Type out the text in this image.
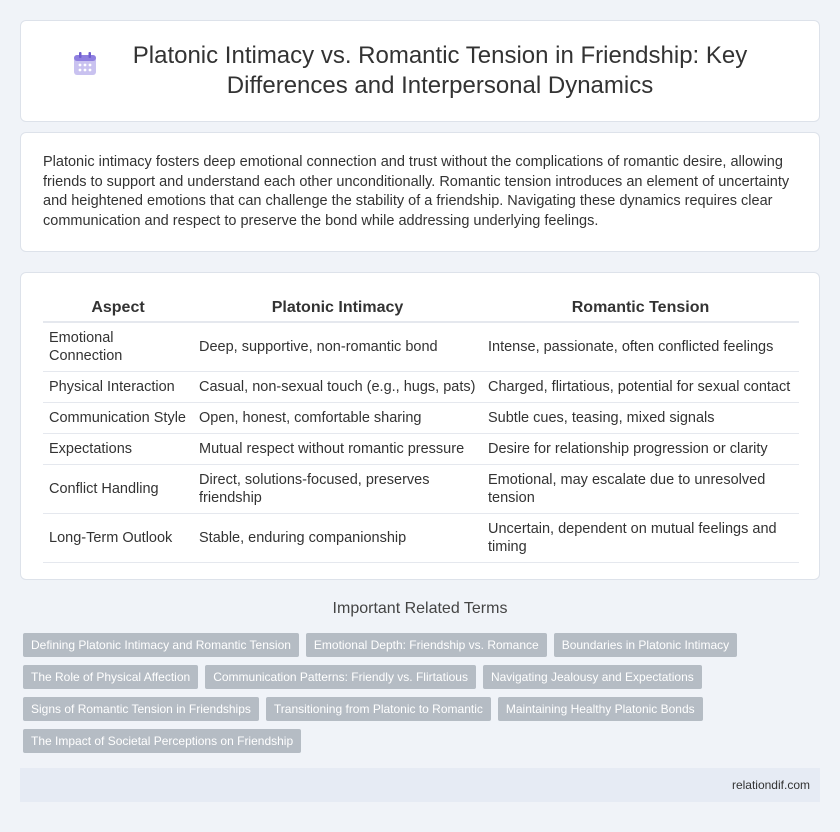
Platonic Intimacy vs. Romantic Tension in Friendship: Key Differences and Interpersonal Dynamics

Platonic intimacy fosters deep emotional connection and trust without the complications of romantic desire, allowing friends to support and understand each other unconditionally. Romantic tension introduces an element of uncertainty and heightened emotions that can challenge the stability of a friendship. Navigating these dynamics requires clear communication and respect to preserve the bond while addressing underlying feelings.

Aspect	Platonic Intimacy	Romantic Tension
Emotional Connection	Deep, supportive, non-romantic bond	Intense, passionate, often conflicted feelings
Physical Interaction	Casual, non-sexual touch (e.g., hugs, pats)	Charged, flirtatious, potential for sexual contact
Communication Style	Open, honest, comfortable sharing	Subtle cues, teasing, mixed signals
Expectations	Mutual respect without romantic pressure	Desire for relationship progression or clarity
Conflict Handling	Direct, solutions-focused, preserves friendship	Emotional, may escalate due to unresolved tension
Long-Term Outlook	Stable, enduring companionship	Uncertain, dependent on mutual feelings and timing
Important Related Terms
Defining Platonic Intimacy and Romantic Tension	Emotional Depth: Friendship vs. Romance	Boundaries in Platonic Intimacy
The Role of Physical Affection	Communication Patterns: Friendly vs. Flirtatious	Navigating Jealousy and Expectations
Signs of Romantic Tension in Friendships	Transitioning from Platonic to Romantic	Maintaining Healthy Platonic Bonds
The Impact of Societal Perceptions on Friendship
relationdif.com
